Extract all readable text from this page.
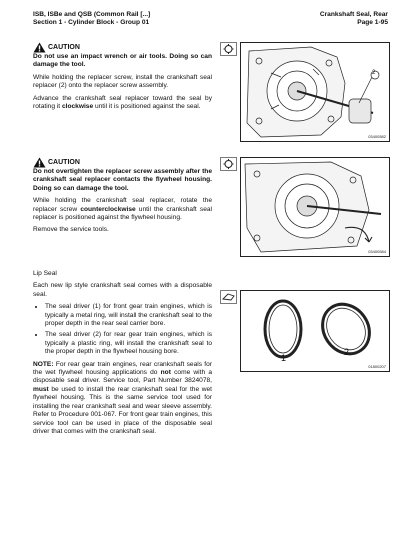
ISB, ISBe and QSB (Common Rail [...]
Section 1 - Cylinder Block - Group 01
Crankshaft Seal, Rear
Page 1-95
CAUTION

Do not use an impact wrench or air tools. Doing so can damage the tool.

While holding the replacer screw, install the crankshaft seal replacer (2) onto the replacer screw assembly.

Advance the crankshaft seal replacer toward the seal by rotating it clockwise until it is positioned against the seal.

2
03400582
CAUTION

Do not overtighten the replacer screw assembly after the crankshaft seal replacer contacts the flywheel housing. Doing so can damage the tool.

While holding the crankshaft seal replacer, rotate the replacer screw counterclockwise until the crankshaft seal replacer is positioned against the flywheel housing.

Remove the service tools.

03400584

Lip Seal

Each new lip style crankshaft seal comes with a disposable seal.

• The seal driver (1) for front gear train engines, which is typically a metal ring, will install the crankshaft seal to the proper depth in the rear seal carrier bore.
• The seal driver (2) for rear gear train engines, which is typically a plastic ring, will install the crankshaft seal to the proper depth in the flywheel housing bore.

NOTE: For rear gear train engines, rear crankshaft seals for the wet flywheel housing applications do not come with a disposable seal driver. Service tool, Part Number 3824078, must be used to install the rear crankshaft seal for the wet flywheel housing. This is the same service tool used for installing the rear crankshaft seal and wear sleeve assembly. Refer to Procedure 001-067. For front gear train engines, this service tool can be used in place of the disposable seal driver that comes with the crankshaft seal.

1
2
01800207
